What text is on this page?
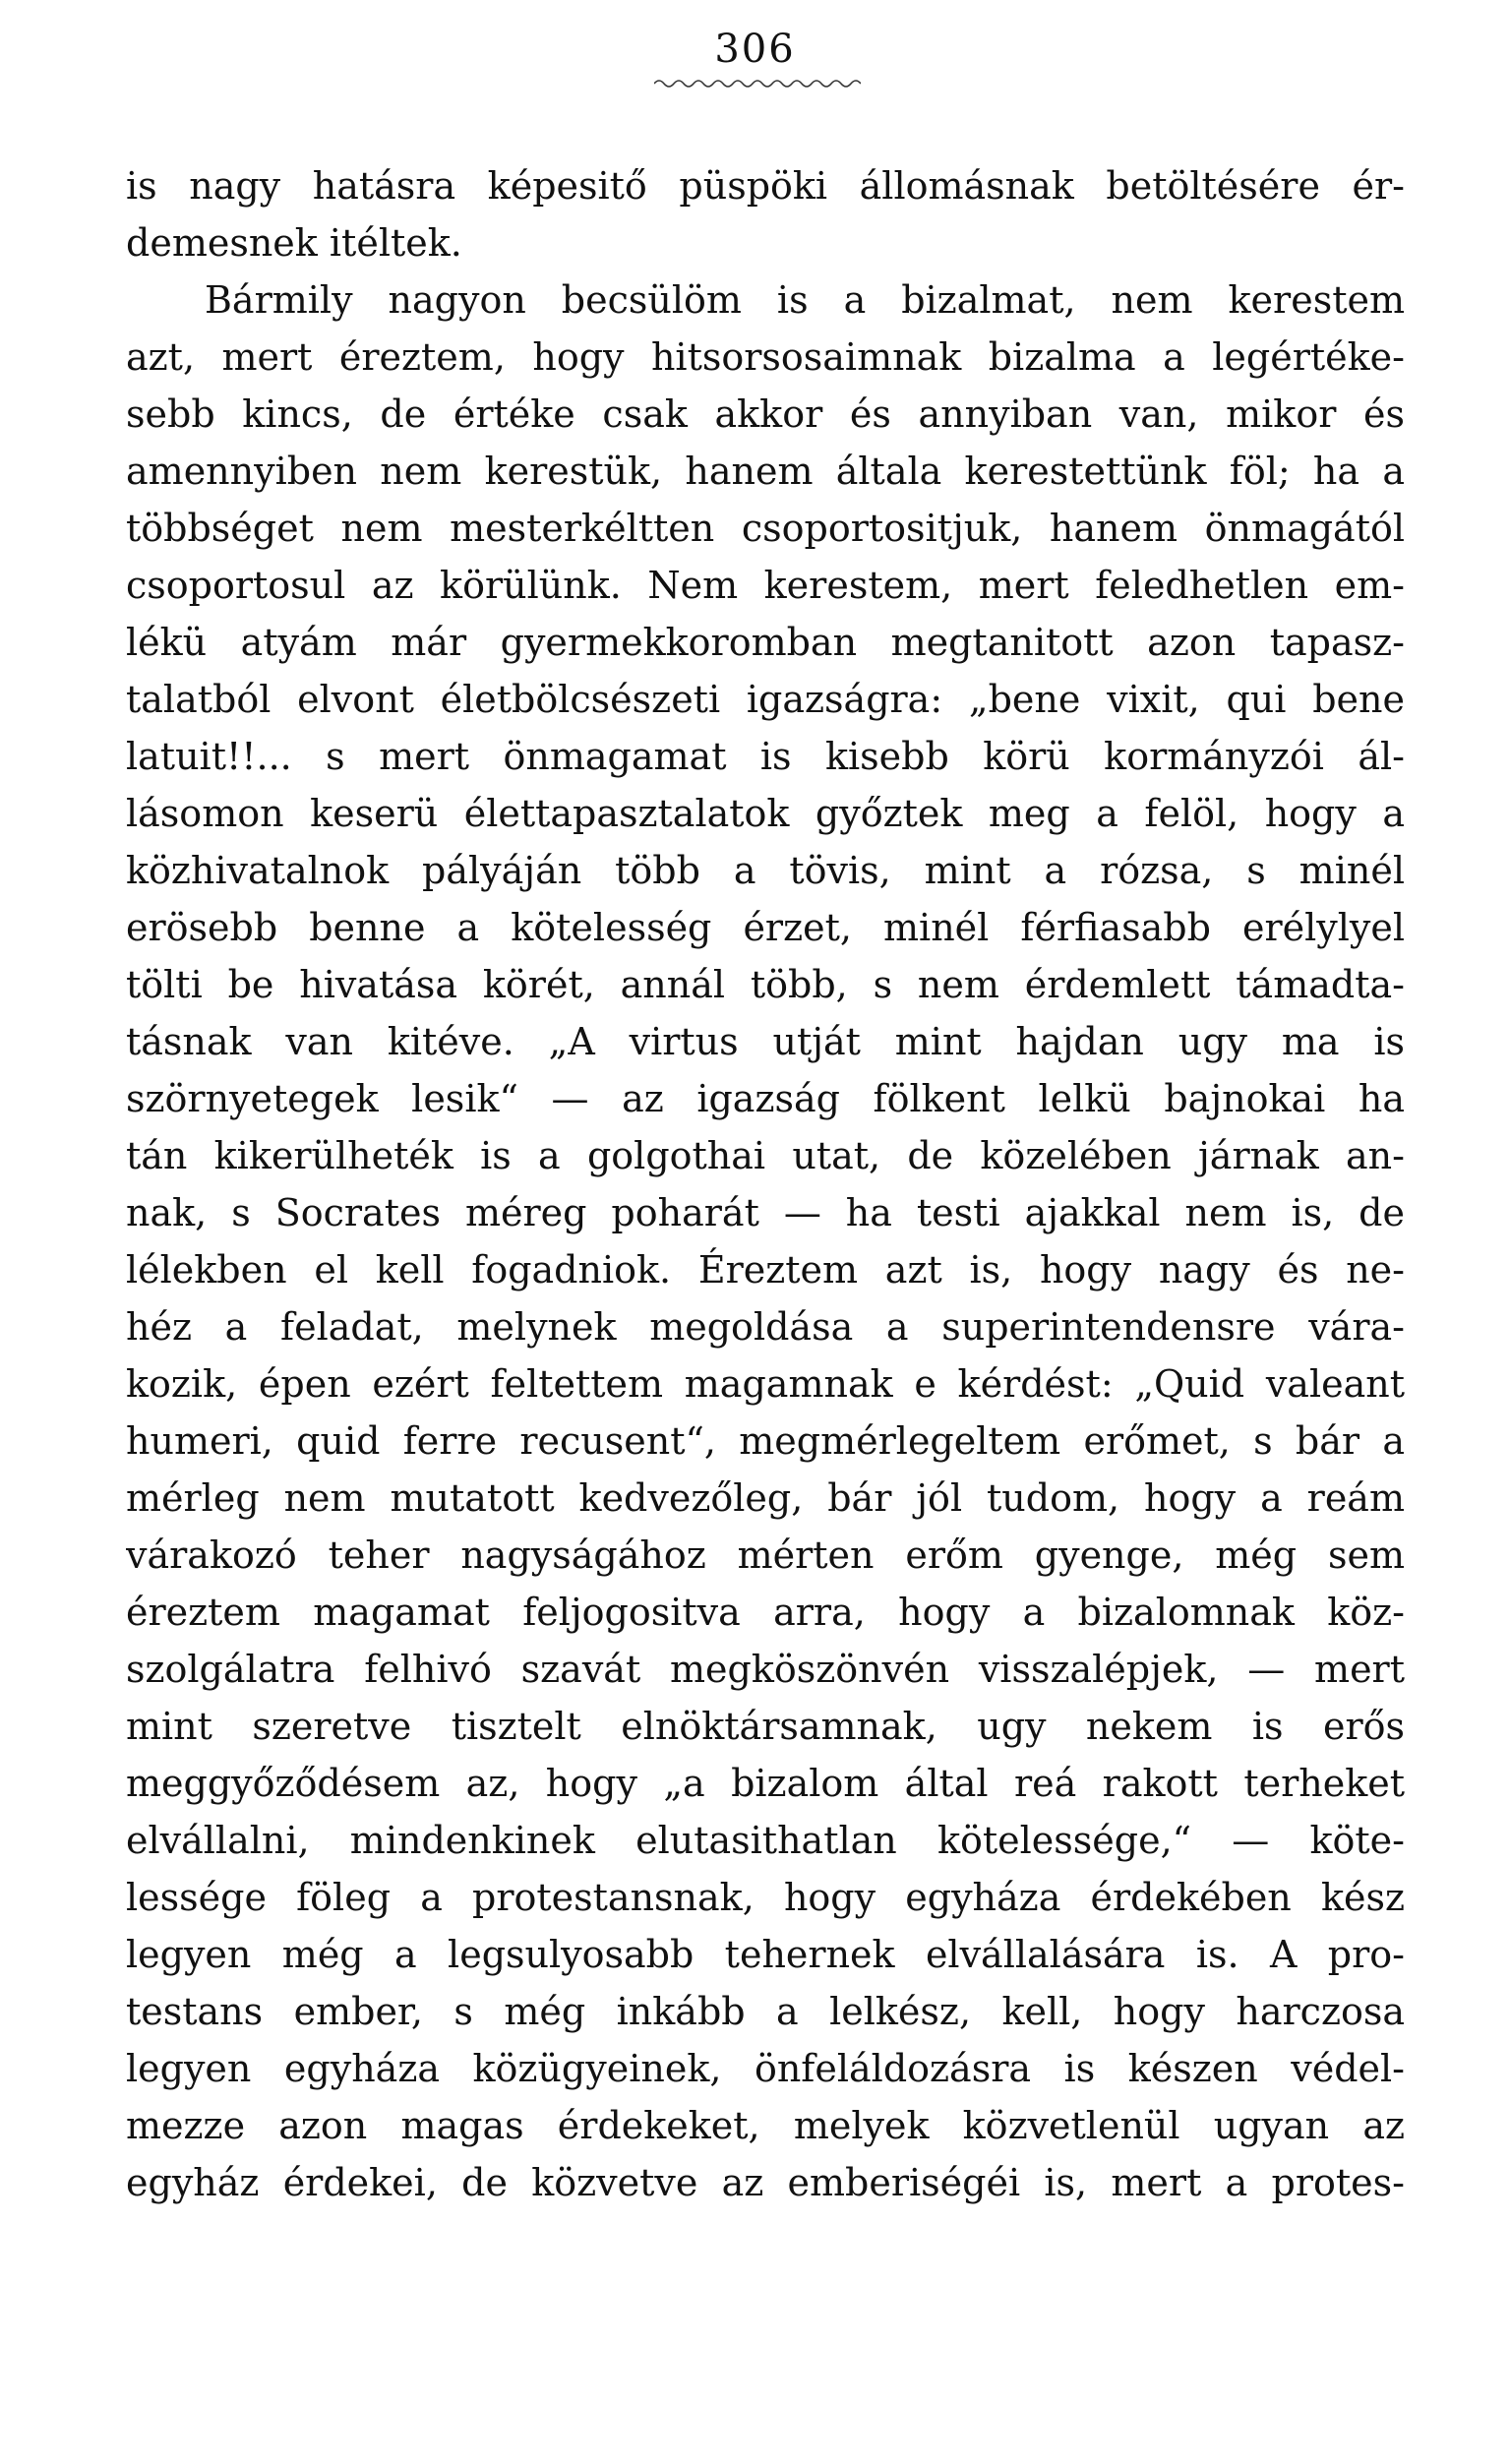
306
is nagy hatásra képesitő püspöki állomásnak betöltésére ér-
demesnek itéltek.
Bármily nagyon becsülöm is a bizalmat, nem kerestem
azt, mert éreztem, hogy hitsorsosaimnak bizalma a legértéke-
sebb kincs, de értéke csak akkor és annyiban van, mikor és
amennyiben nem kerestük, hanem általa kerestettünk föl; ha a
többséget nem mesterkéltten csoportositjuk, hanem önmagától
csoportosul az körülünk. Nem kerestem, mert feledhetlen em-
lékü atyám már gyermekkoromban megtanitott azon tapasz-
talatból elvont életbölcsészeti igazságra: „bene vixit, qui bene
latuit!!... s mert önmagamat is kisebb körü kormányzói ál-
lásomon keserü élettapasztalatok győztek meg a felöl, hogy a
közhivatalnok pályáján több a tövis, mint a rózsa, s minél
erösebb benne a kötelesség érzet, minél férfiasabb erélylyel
tölti be hivatása körét, annál több, s nem érdemlett támadta-
tásnak van kitéve. „A virtus utját mint hajdan ugy ma is
szörnyetegek lesik“ — az igazság fölkent lelkü bajnokai ha
tán kikerülheték is a golgothai utat, de közelében járnak an-
nak, s Socrates méreg poharát — ha testi ajakkal nem is, de
lélekben el kell fogadniok. Éreztem azt is, hogy nagy és ne-
héz a feladat, melynek megoldása a superintendensre vára-
kozik, épen ezért feltettem magamnak e kérdést: „Quid valeant
humeri, quid ferre recusent“, megmérlegeltem erőmet, s bár a
mérleg nem mutatott kedvezőleg, bár jól tudom, hogy a reám
várakozó teher nagyságához mérten erőm gyenge, még sem
éreztem magamat feljogositva arra, hogy a bizalomnak köz-
szolgálatra felhivó szavát megköszönvén visszalépjek, — mert
mint szeretve tisztelt elnöktársamnak, ugy nekem is erős
meggyőződésem az, hogy „a bizalom által reá rakott terheket
elvállalni, mindenkinek elutasithatlan kötelessége,“ — köte-
lessége föleg a protestansnak, hogy egyháza érdekében kész
legyen még a legsulyosabb tehernek elvállalására is. A pro-
testans ember, s még inkább a lelkész, kell, hogy harczosa
legyen egyháza közügyeinek, önfeláldozásra is készen védel-
mezze azon magas érdekeket, melyek közvetlenül ugyan az
egyház érdekei, de közvetve az emberiségéi is, mert a protes-
